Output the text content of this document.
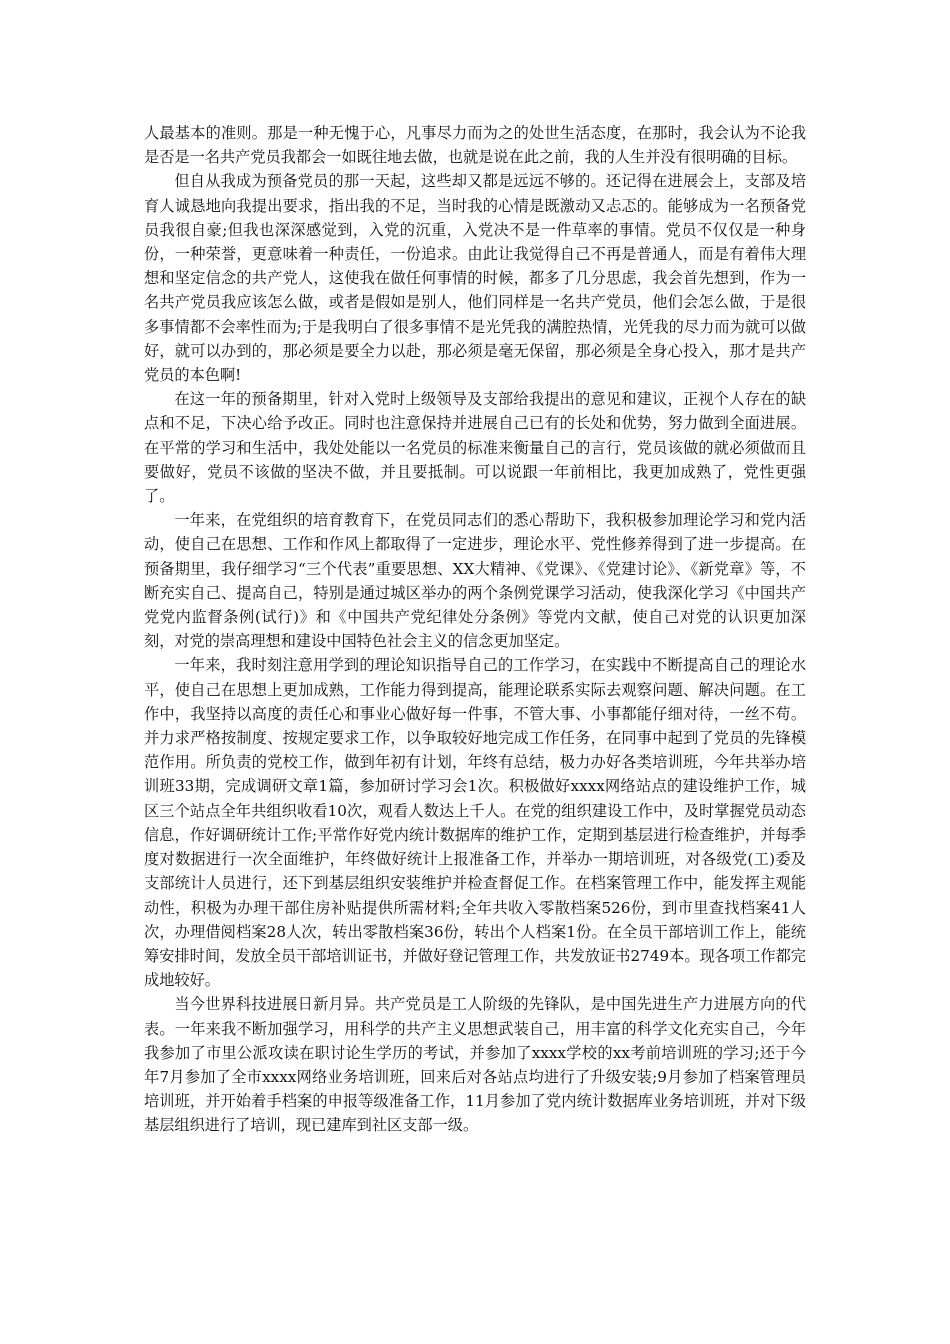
人最基本的准则。那是一种无愧于心，凡事尽力而为之的处世生活态度，在那时，我会认为不论我是否是一名共产党员我都会一如既往地去做，也就是说在此之前，我的人生并没有很明确的目标。

但自从我成为预备党员的那一天起，这些却又都是远远不够的。还记得在进展会上，支部及培育人诚恳地向我提出要求，指出我的不足，当时我的心情是既激动又忐忑的。能够成为一名预备党员我很自豪;但我也深深感觉到，入党的沉重，入党决不是一件草率的事情。党员不仅仅是一种身份，一种荣誉，更意味着一种责任，一份追求。由此让我觉得自己不再是普通人，而是有着伟大理想和坚定信念的共产党人，这使我在做任何事情的时候，都多了几分思虑，我会首先想到，作为一名共产党员我应该怎么做，或者是假如是别人，他们同样是一名共产党员，他们会怎么做，于是很多事情都不会率性而为;于是我明白了很多事情不是光凭我的满腔热情，光凭我的尽力而为就可以做好，就可以办到的，那必须是要全力以赴，那必须是毫无保留，那必须是全身心投入，那才是共产党员的本色啊!

在这一年的预备期里，针对入党时上级领导及支部给我提出的意见和建议，正视个人存在的缺点和不足，下决心给予改正。同时也注意保持并进展自己已有的长处和优势，努力做到全面进展。在平常的学习和生活中，我处处能以一名党员的标准来衡量自己的言行，党员该做的就必须做而且要做好，党员不该做的坚决不做，并且要抵制。可以说跟一年前相比，我更加成熟了，党性更强了。

一年来，在党组织的培育教育下，在党员同志们的悉心帮助下，我积极参加理论学习和党内活动，使自己在思想、工作和作风上都取得了一定进步，理论水平、党性修养得到了进一步提高。在预备期里，我仔细学习“三个代表”重要思想、XX大精神、《党课》、《党建讨论》、《新党章》等，不断充实自己、提高自己，特别是通过城区举办的两个条例党课学习活动，使我深化学习《中国共产党党内监督条例(试行)》和《中国共产党纪律处分条例》等党内文献，使自己对党的认识更加深刻，对党的崇高理想和建设中国特色社会主义的信念更加坚定。

一年来，我时刻注意用学到的理论知识指导自己的工作学习，在实践中不断提高自己的理论水平，使自己在思想上更加成熟，工作能力得到提高，能理论联系实际去观察问题、解决问题。在工作中，我坚持以高度的责任心和事业心做好每一件事，不管大事、小事都能仔细对待，一丝不苟。并力求严格按制度、按规定要求工作，以争取较好地完成工作任务，在同事中起到了党员的先锋模范作用。所负责的党校工作，做到年初有计划，年终有总结，极力办好各类培训班，今年共举办培训班33期，完成调研文章1篇，参加研讨学习会1次。积极做好xxxx网络站点的建设维护工作，城区三个站点全年共组织收看10次，观看人数达上千人。在党的组织建设工作中，及时掌握党员动态信息，作好调研统计工作;平常作好党内统计数据库的维护工作，定期到基层进行检查维护，并每季度对数据进行一次全面维护，年终做好统计上报准备工作，并举办一期培训班，对各级党(工)委及支部统计人员进行，还下到基层组织安装维护并检查督促工作。在档案管理工作中，能发挥主观能动性，积极为办理干部住房补贴提供所需材料;全年共收入零散档案526份，到市里查找档案41人次，办理借阅档案28人次，转出零散档案36份，转出个人档案1份。在全员干部培训工作上，能统筹安排时间，发放全员干部培训证书，并做好登记管理工作，共发放证书2749本。现各项工作都完成地较好。

当今世界科技进展日新月异。共产党员是工人阶级的先锋队，是中国先进生产力进展方向的代表。一年来我不断加强学习，用科学的共产主义思想武装自己，用丰富的科学文化充实自己，今年我参加了市里公派攻读在职讨论生学历的考试，并参加了xxxx学校的xx考前培训班的学习;还于今年7月参加了全市xxxx网络业务培训班，回来后对各站点均进行了升级安装;9月参加了档案管理员培训班，并开始着手档案的申报等级准备工作，11月参加了党内统计数据库业务培训班，并对下级基层组织进行了培训，现已建库到社区支部一级。
